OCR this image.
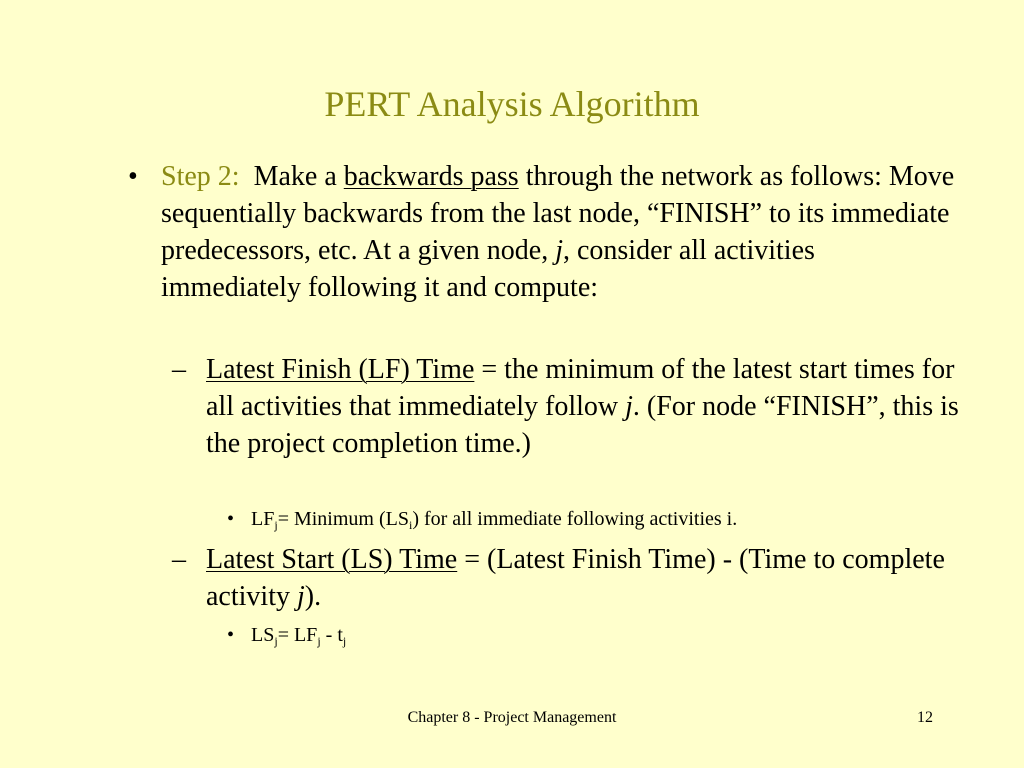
PERT Analysis Algorithm
• Step 2: Make a backwards pass through the network as follows: Move sequentially backwards from the last node, “FINISH” to its immediate predecessors, etc. At a given node, j, consider all activities immediately following it and compute:
– Latest Finish (LF) Time = the minimum of the latest start times for all activities that immediately follow j. (For node “FINISH”, this is the project completion time.)
• $LF_j=$ Minimum $(LS_i)$ for all immediate following activities i.
– Latest Start (LS) Time = (Latest Finish Time) - (Time to complete activity j).
• $LS_j= LF_j - t_j$
Chapter 8 - Project Management	12
